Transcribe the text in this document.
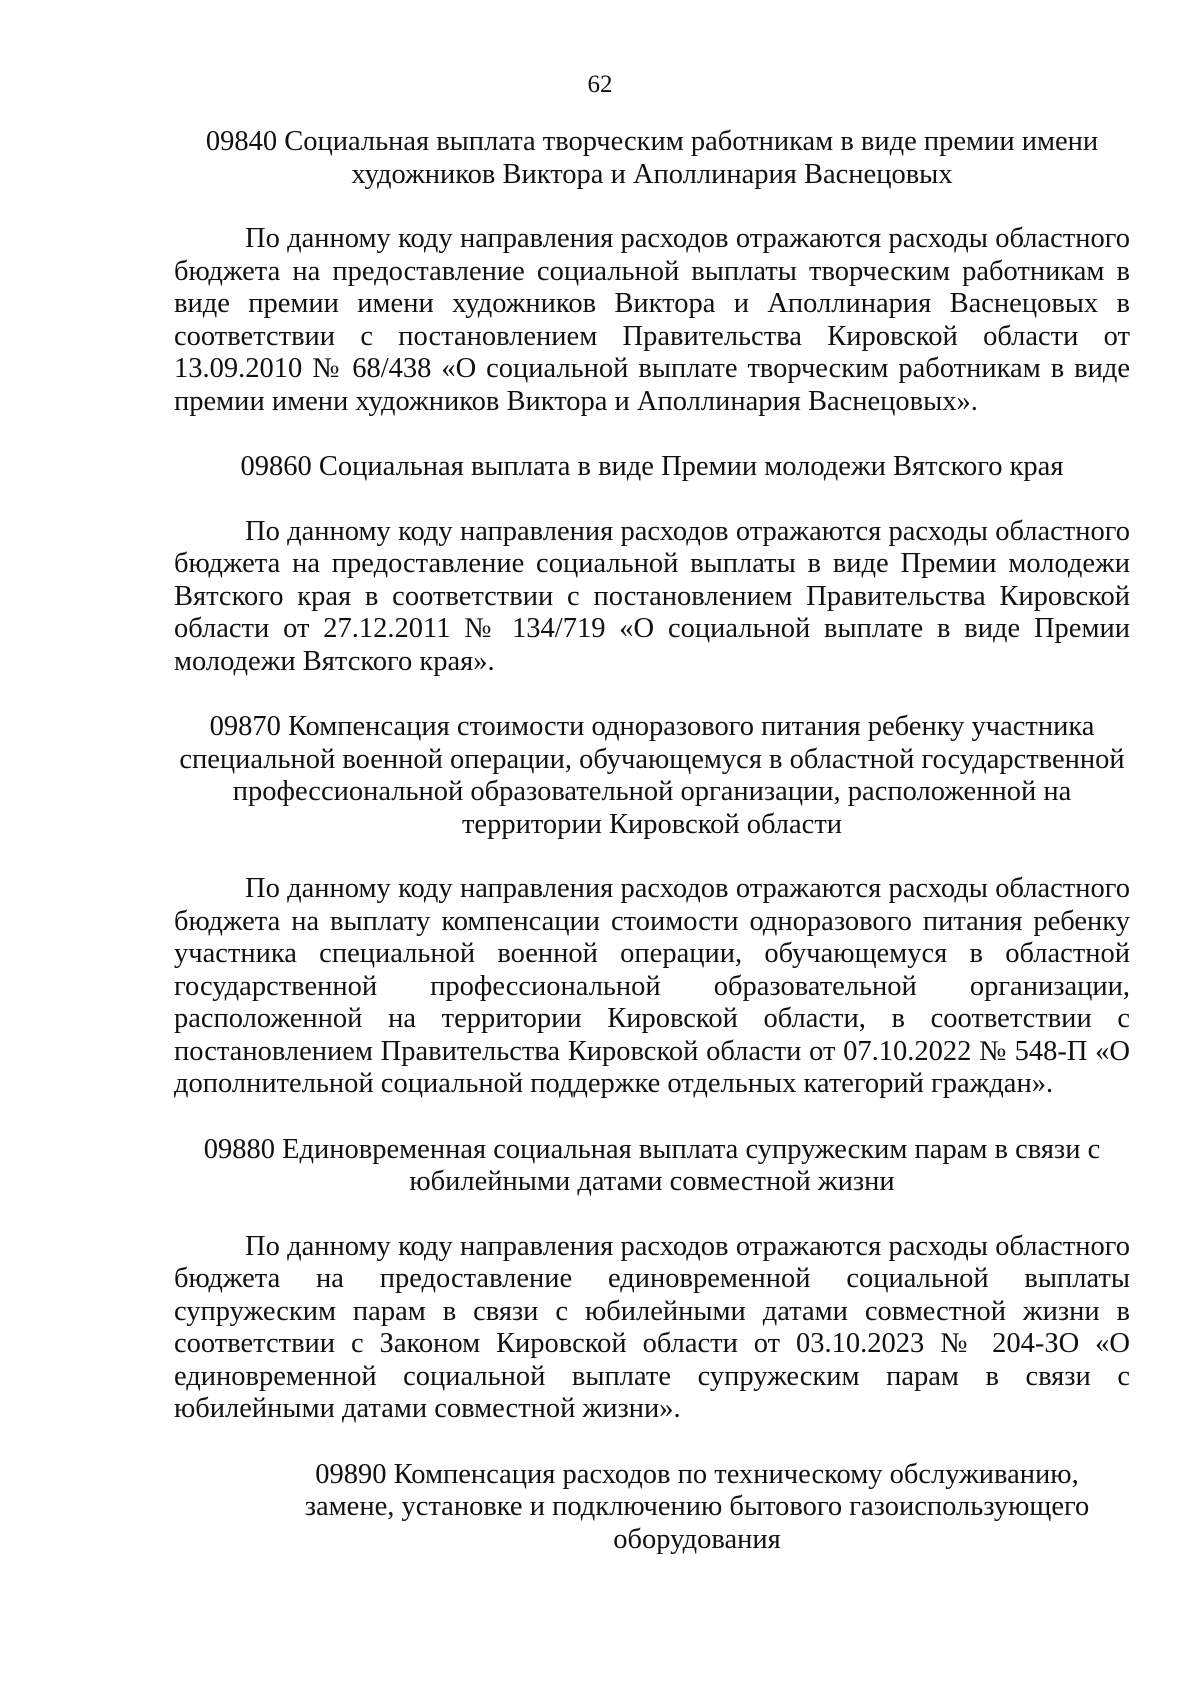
62
09840 Социальная выплата творческим работникам в виде премии имени
художников Виктора и Аполлинария Васнецовых

По данному коду направления расходов отражаются расходы областного бюджета на предоставление социальной выплаты творческим работникам в виде премии имени художников Виктора и Аполлинария Васнецовых в соответствии с постановлением Правительства Кировской области от 13.09.2010 № 68/438 «О социальной выплате творческим работникам в виде премии имени художников Виктора и Аполлинария Васнецовых».

09860 Социальная выплата в виде Премии молодежи Вятского края

По данному коду направления расходов отражаются расходы областного бюджета на предоставление социальной выплаты в виде Премии молодежи Вятского края в соответствии с постановлением Правительства Кировской области от 27.12.2011 № 134/719 «О социальной выплате в виде Премии молодежи Вятского края».

09870 Компенсация стоимости одноразового питания ребенку участника
специальной военной операции, обучающемуся в областной государственной
профессиональной образовательной организации, расположенной на
территории Кировской области

По данному коду направления расходов отражаются расходы областного бюджета на выплату компенсации стоимости одноразового питания ребенку участника специальной военной операции, обучающемуся в областной государственной профессиональной образовательной организации, расположенной на территории Кировской области, в соответствии с постановлением Правительства Кировской области от 07.10.2022 № 548-П «О дополнительной социальной поддержке отдельных категорий граждан».

09880 Единовременная социальная выплата супружеским парам в связи с
юбилейными датами совместной жизни

По данному коду направления расходов отражаются расходы областного бюджета на предоставление единовременной социальной выплаты супружеским парам в связи с юбилейными датами совместной жизни в соответствии с Законом Кировской области от 03.10.2023 № 204-ЗО «О единовременной социальной выплате супружеским парам в связи с юбилейными датами совместной жизни».

09890 Компенсация расходов по техническому обслуживанию,
замене, установке и подключению бытового газоиспользующего
оборудования
